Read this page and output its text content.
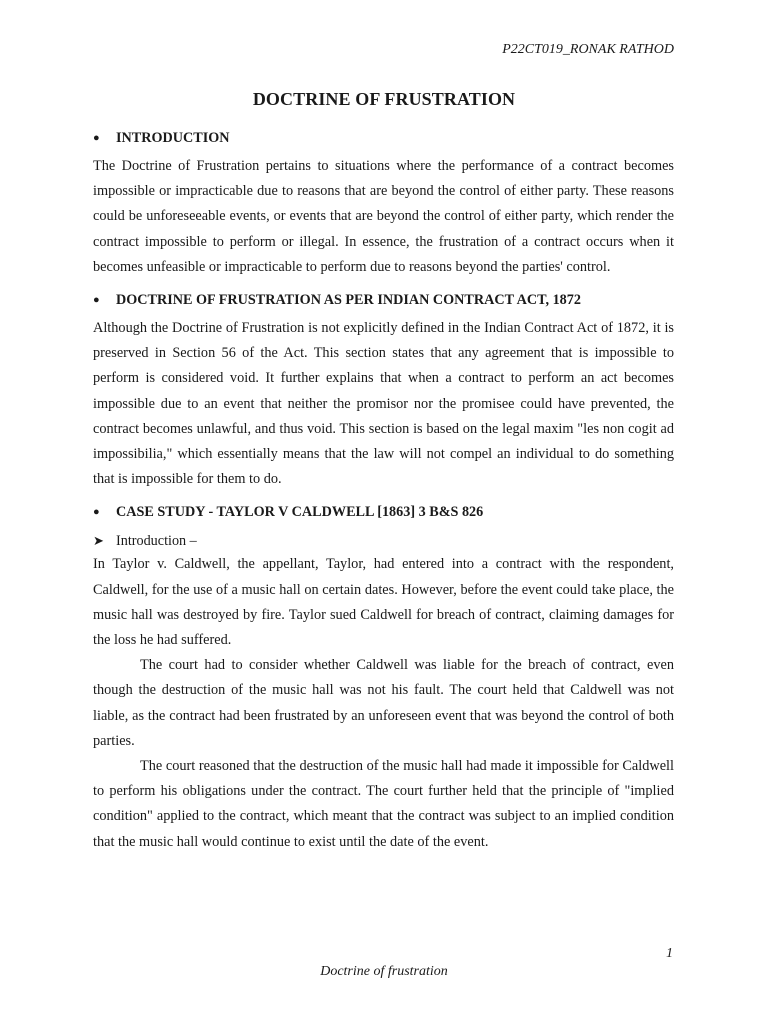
P22CT019_RONAK RATHOD
DOCTRINE OF FRUSTRATION
● INTRODUCTION

The Doctrine of Frustration pertains to situations where the performance of a contract becomes impossible or impracticable due to reasons that are beyond the control of either party. These reasons could be unforeseeable events, or events that are beyond the control of either party, which render the contract impossible to perform or illegal. In essence, the frustration of a contract occurs when it becomes unfeasible or impracticable to perform due to reasons beyond the parties' control.

● DOCTRINE OF FRUSTRATION AS PER INDIAN CONTRACT ACT, 1872

Although the Doctrine of Frustration is not explicitly defined in the Indian Contract Act of 1872, it is preserved in Section 56 of the Act. This section states that any agreement that is impossible to perform is considered void. It further explains that when a contract to perform an act becomes impossible due to an event that neither the promisor nor the promisee could have prevented, the contract becomes unlawful, and thus void. This section is based on the legal maxim "les non cogit ad impossibilia," which essentially means that the law will not compel an individual to do something that is impossible for them to do.

● CASE STUDY - TAYLOR V CALDWELL [1863] 3 B&S 826
➤ Introduction –

In Taylor v. Caldwell, the appellant, Taylor, had entered into a contract with the respondent, Caldwell, for the use of a music hall on certain dates. However, before the event could take place, the music hall was destroyed by fire. Taylor sued Caldwell for breach of contract, claiming damages for the loss he had suffered.

The court had to consider whether Caldwell was liable for the breach of contract, even though the destruction of the music hall was not his fault. The court held that Caldwell was not liable, as the contract had been frustrated by an unforeseen event that was beyond the control of both parties.

The court reasoned that the destruction of the music hall had made it impossible for Caldwell to perform his obligations under the contract. The court further held that the principle of "implied condition" applied to the contract, which meant that the contract was subject to an implied condition that the music hall would continue to exist until the date of the event.

1
Doctrine of frustration
